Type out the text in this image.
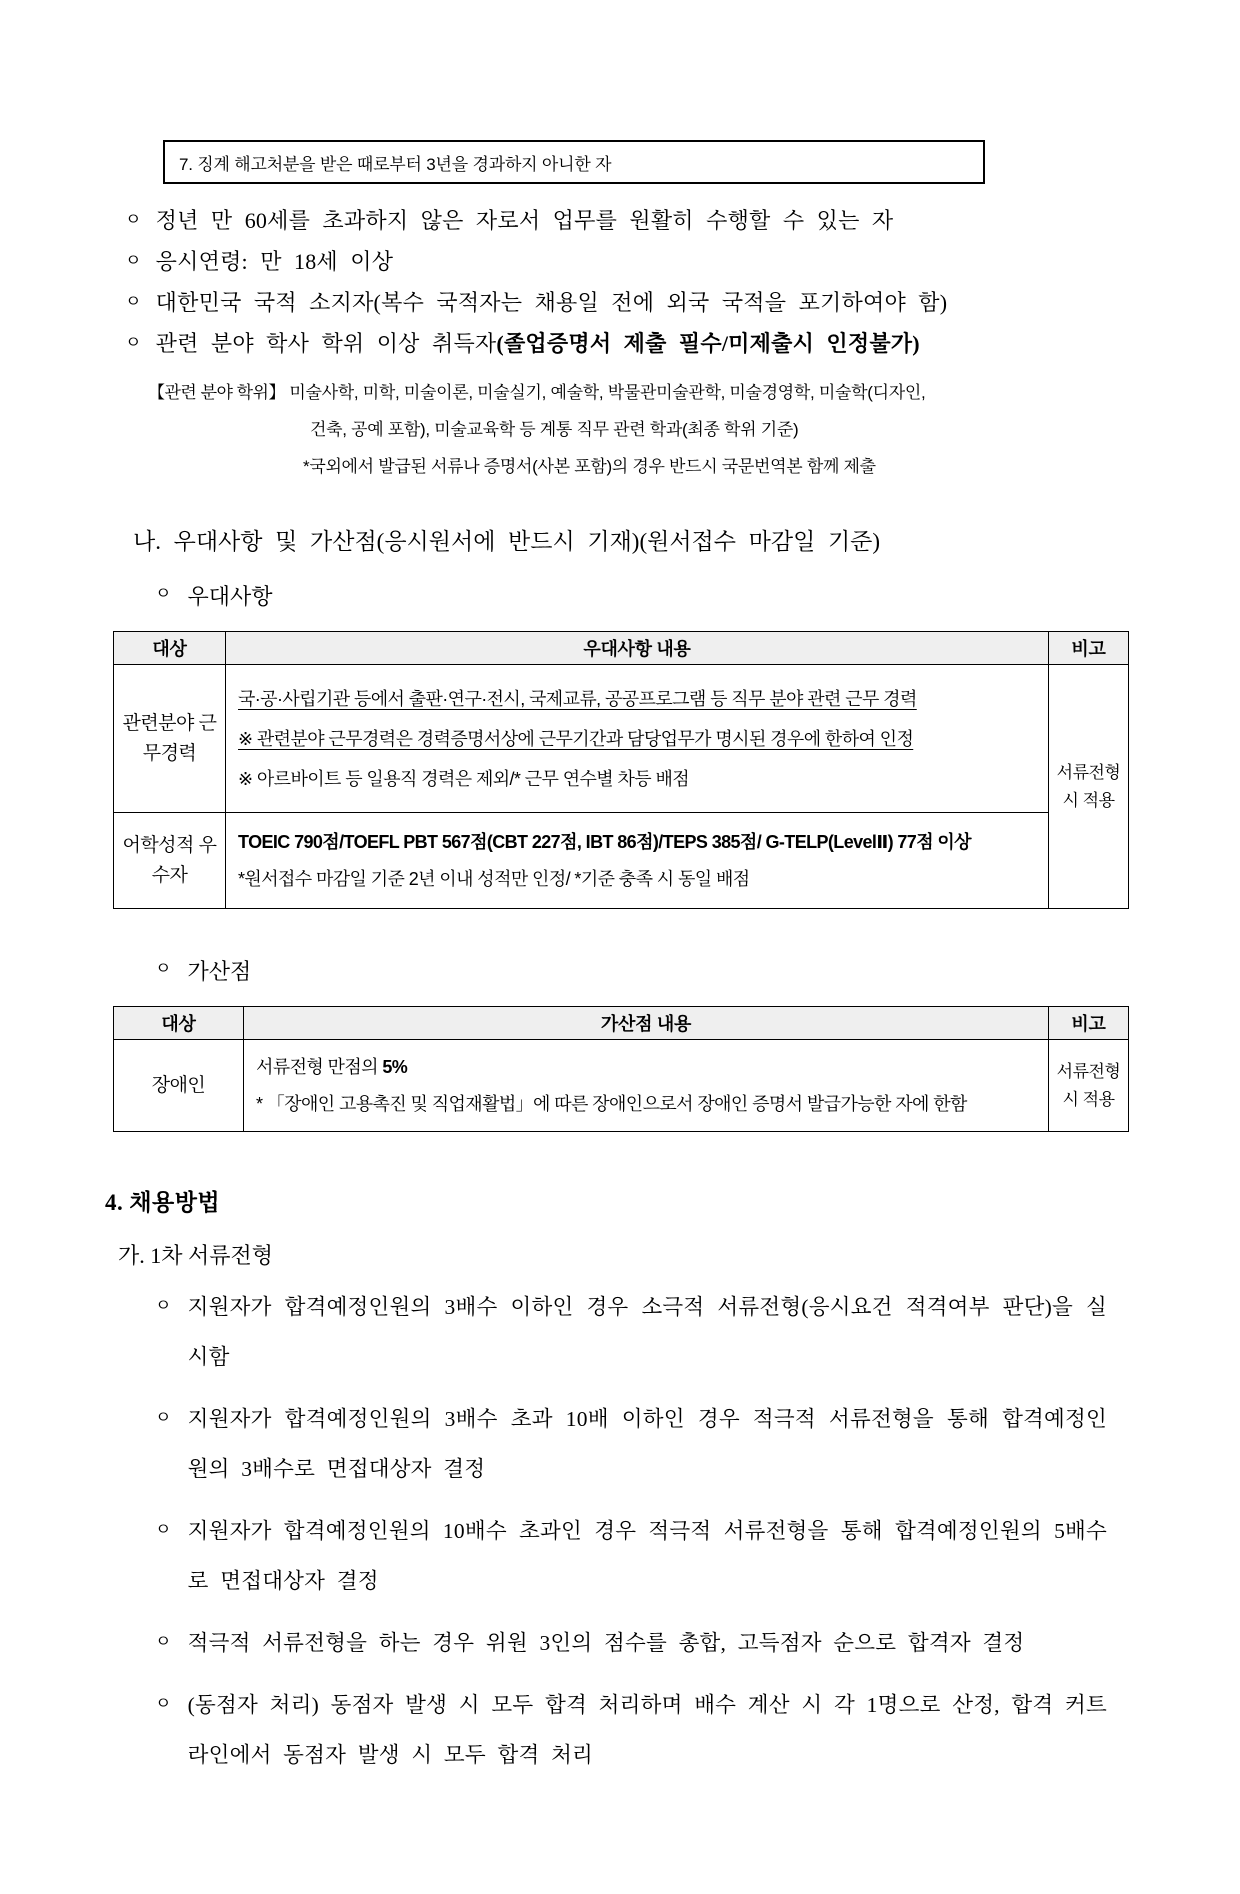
7. 징계 해고처분을 받은 때로부터 3년을 경과하지 아니한 자
ㅇ 정년 만 60세를 초과하지 않은 자로서 업무를 원활히 수행할 수 있는 자
ㅇ 응시연령: 만 18세 이상
ㅇ 대한민국 국적 소지자(복수 국적자는 채용일 전에 외국 국적을 포기하여야 함)
ㅇ 관련 분야 학사 학위 이상 취득자(졸업증명서 제출 필수/미제출시 인정불가)
【관련 분야 학위】 미술사학, 미학, 미술이론, 미술실기, 예술학, 박물관미술관학, 미술경영학, 미술학(디자인,
건축, 공예 포함), 미술교육학 등 계통 직무 관련 학과(최종 학위 기준)
*국외에서 발급된 서류나 증명서(사본 포함)의 경우 반드시 국문번역본 함께 제출
나. 우대사항 및 가산점(응시원서에 반드시 기재)(원서접수 마감일 기준)
ㅇ 우대사항
대상	우대사항 내용	비고
관련분야 근무경력	국·공·사립기관 등에서 출판·연구·전시, 국제교류, 공공프로그램 등 직무 분야 관련 근무 경력
※ 관련분야 근무경력은 경력증명서상에 근무기간과 담당업무가 명시된 경우에 한하여 인정
※ 아르바이트 등 일용직 경력은 제외/* 근무 연수별 차등 배점	서류전형 시 적용
어학성적 우수자	TOEIC 790점/TOEFL PBT 567점(CBT 227점, IBT 86점)/TEPS 385점/ G-TELP(LevelⅡ) 77점 이상
*원서접수 마감일 기준 2년 이내 성적만 인정/ *기준 충족 시 동일 배점	
ㅇ 가산점
대상	가산점 내용	비고
장애인	서류전형 만점의 5%
* 「장애인 고용촉진 및 직업재활법」에 따른 장애인으로서 장애인 증명서 발급가능한 자에 한함	서류전형 시 적용
4. 채용방법
가. 1차 서류전형
ㅇ 지원자가 합격예정인원의 3배수 이하인 경우 소극적 서류전형(응시요건 적격여부 판단)을 실시함
ㅇ 지원자가 합격예정인원의 3배수 초과 10배 이하인 경우 적극적 서류전형을 통해 합격예정인원의 3배수로 면접대상자 결정
ㅇ 지원자가 합격예정인원의 10배수 초과인 경우 적극적 서류전형을 통해 합격예정인원의 5배수로 면접대상자 결정
ㅇ 적극적 서류전형을 하는 경우 위원 3인의 점수를 총합, 고득점자 순으로 합격자 결정
ㅇ (동점자 처리) 동점자 발생 시 모두 합격 처리하며 배수 계산 시 각 1명으로 산정, 합격 커트라인에서 동점자 발생 시 모두 합격 처리
